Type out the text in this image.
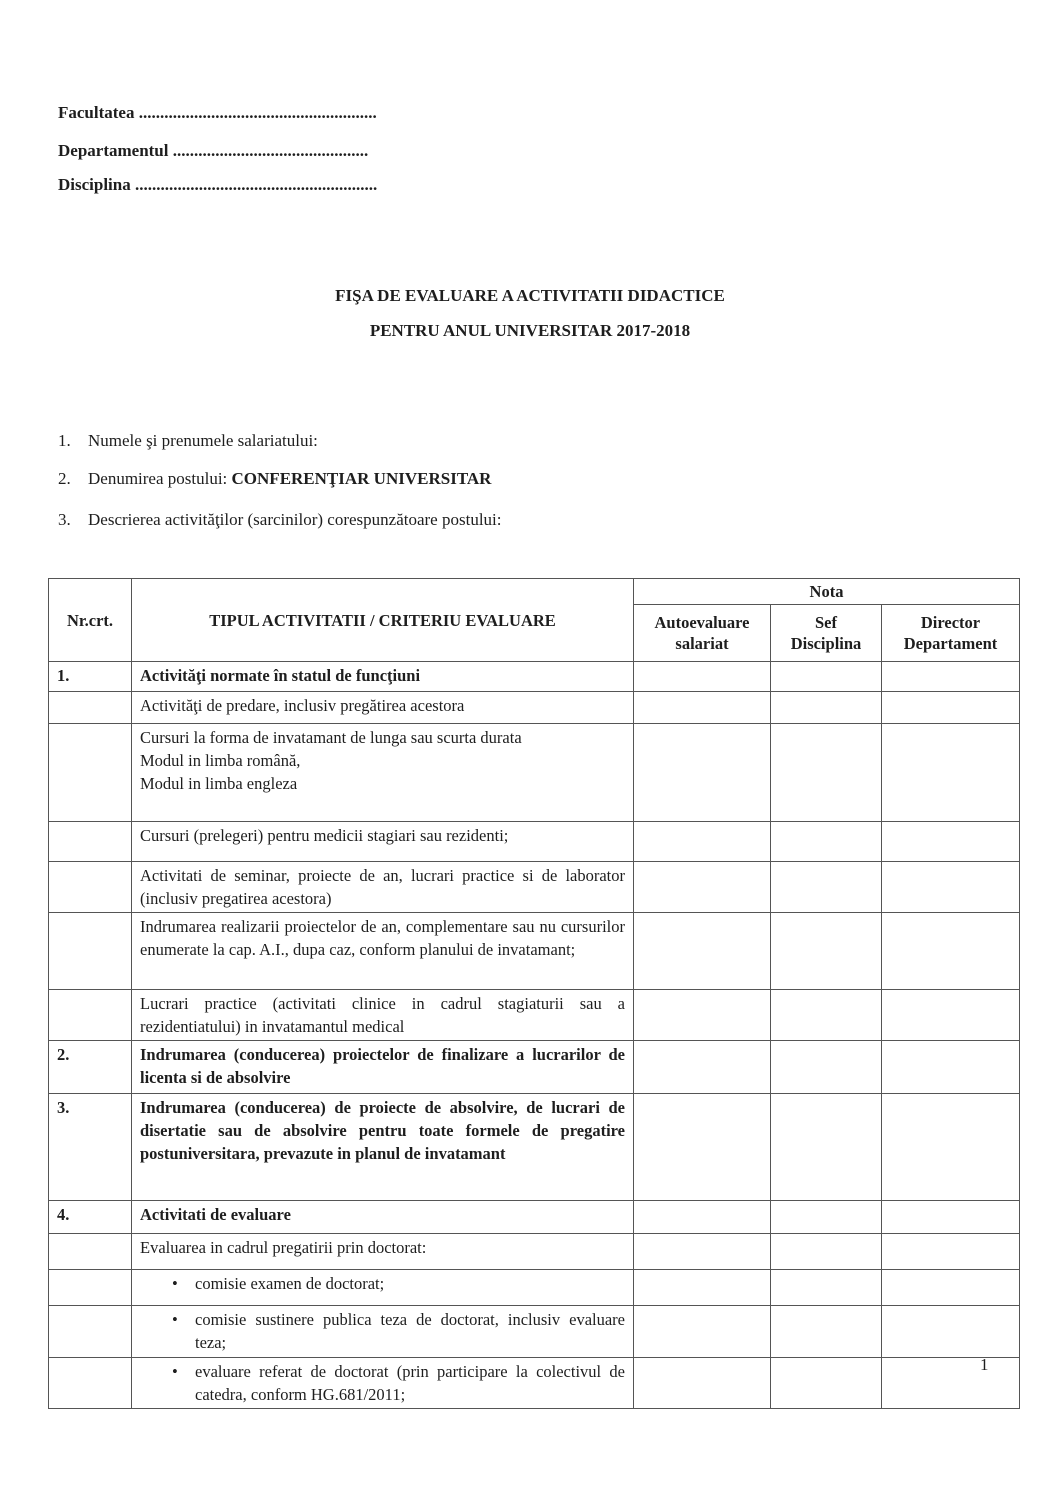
Facultatea ........................................................
Departamentul ..............................................
Disciplina .........................................................
FIŞA DE EVALUARE A ACTIVITATII DIDACTICE
PENTRU ANUL UNIVERSITAR 2017-2018
1. Numele şi prenumele salariatului:
2. Denumirea postului: CONFERENŢIAR UNIVERSITAR
3. Descrierea activităţilor (sarcinilor) corespunzătoare postului:
Nr.crt.	TIPUL ACTIVITATII / CRITERIU EVALUARE	Nota		
		Autoevaluare salariat	Sef Disciplina	Director Departament
1.	Activităţi normate în statul de funcţiuni			

	Activităţi de predare, inclusiv pregătirea acestora			

	Cursuri la forma de invatamant de lunga sau scurta durata
Modul in limba română,
Modul in limba engleza			

	Cursuri (prelegeri) pentru medicii stagiari sau rezidenti;			

	Activitati de seminar, proiecte de an, lucrari practice si de laborator (inclusiv pregatirea acestora)			

	Indrumarea realizarii proiectelor de an, complementare sau nu cursurilor enumerate la cap. A.I., dupa caz, conform planului de invatamant;			

	Lucrari practice (activitati clinice in cadrul stagiaturii sau a rezidentiatului) in invatamantul medical			

2.	Indrumarea (conducerea) proiectelor de finalizare a lucrarilor de licenta si de absolvire			

3.	Indrumarea (conducerea) de proiecte de absolvire, de lucrari de disertatie sau de absolvire pentru toate formele de pregatire postuniversitara, prevazute in planul de invatamant			

4.	Activitati de evaluare			

	Evaluarea in cadrul pregatirii prin doctorat:			

	• comisie examen de doctorat;

	• comisie sustinere publica teza de doctorat, inclusiv evaluare teza;

	• evaluare referat de doctorat (prin participare la colectivul de catedra, conform HG.681/2011;

1
